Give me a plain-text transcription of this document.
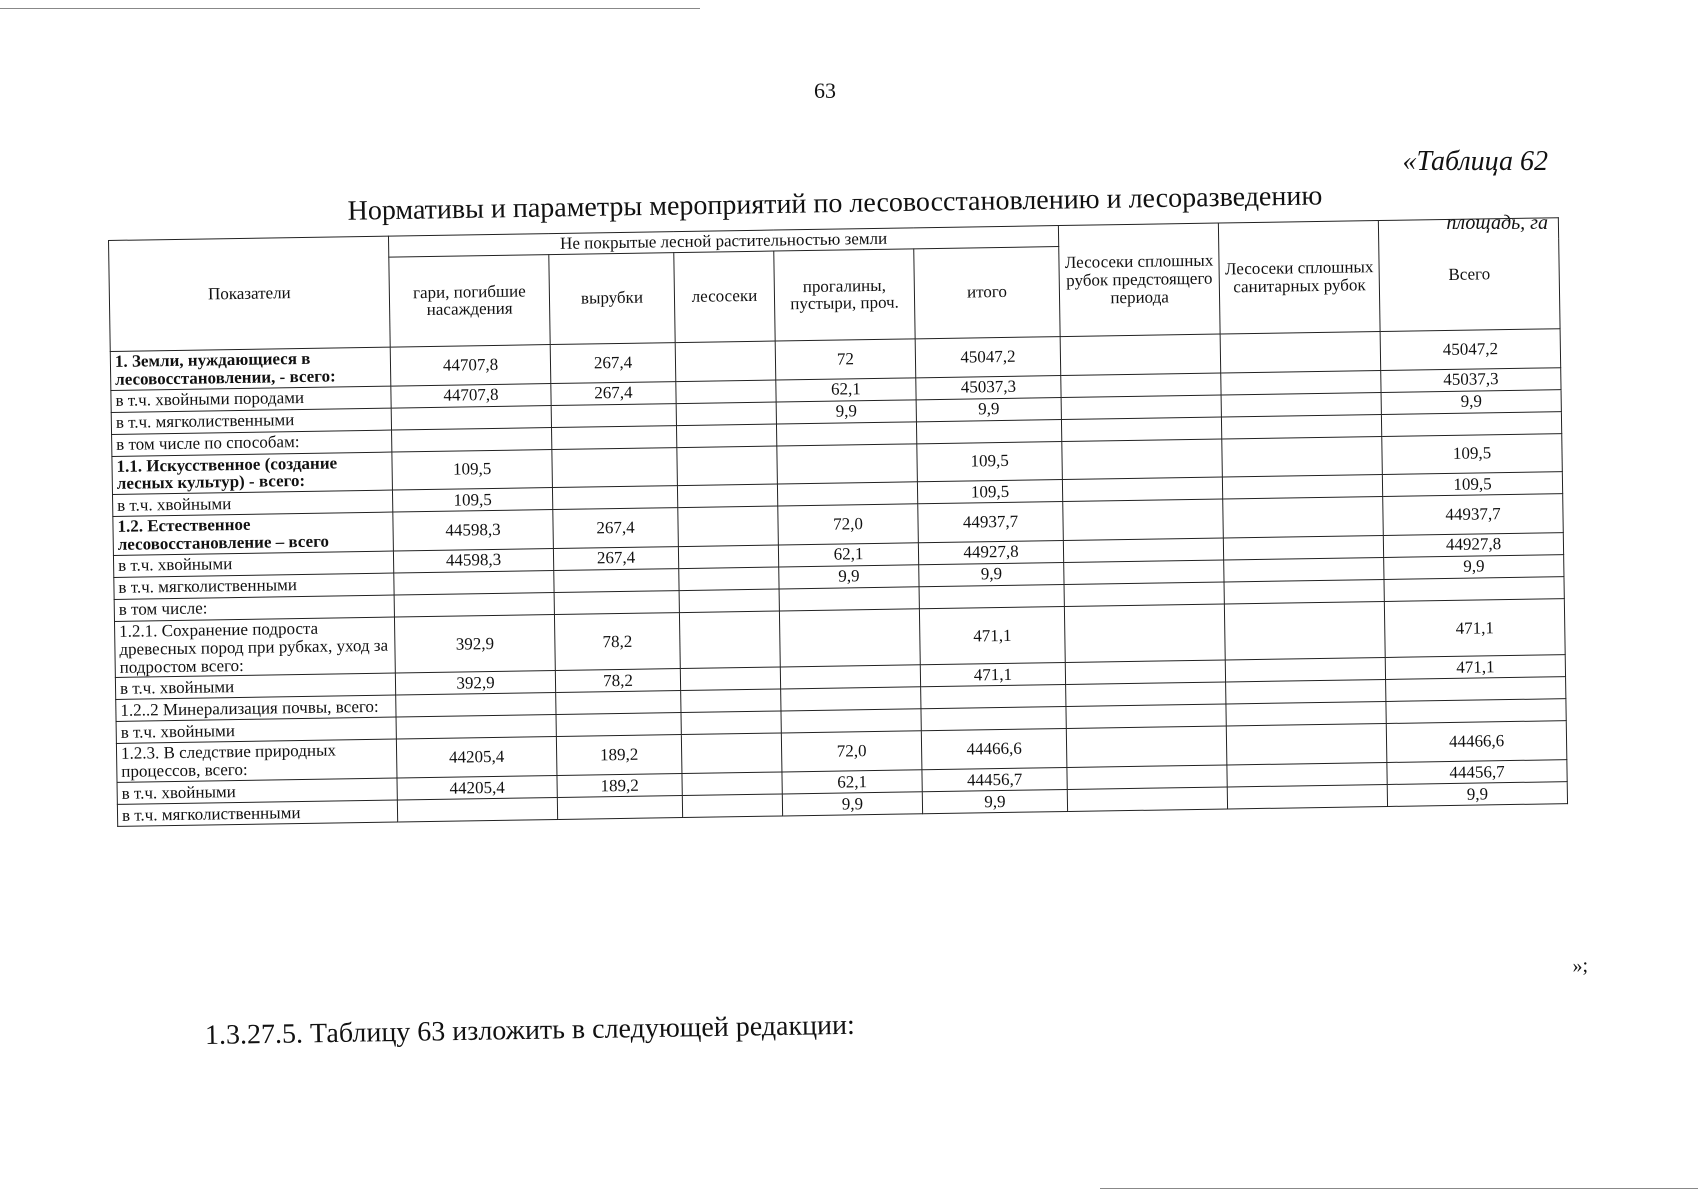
63
«Таблица 62
Нормативы и параметры мероприятий по лесовосстановлению и лесоразведению	площадь, га
Показатели	Не покрытые лесной растительностью земли					Лесосеки сплошных рубок предстоящего периода	Лесосеки сплошных санитарных рубок	Всего
	гари, погибшие насаждения	вырубки	лесосеки	прогалины, пустыри, проч.	итого			
1. Земли, нуждающиеся в лесовосстановлении, - всего:	44707,8	267,4		72	45047,2			45047,2
в т.ч. хвойными породами	44707,8	267,4		62,1	45037,3			45037,3
в т.ч. мягколиственными				9,9	9,9			9,9
в том числе по способам:								
1.1. Искусственное (создание лесных культур) - всего:	109,5				109,5			109,5
в т.ч. хвойными	109,5				109,5			109,5
1.2. Естественное лесовосстановление – всего	44598,3	267,4		72,0	44937,7			44937,7
в т.ч. хвойными	44598,3	267,4		62,1	44927,8			44927,8
в т.ч. мягколиственными				9,9	9,9			9,9
в том числе:								
1.2.1. Сохранение подроста древесных пород при рубках, уход за подростом всего:	392,9	78,2			471,1			471,1
в т.ч. хвойными	392,9	78,2			471,1			471,1
1.2..2 Минерализация почвы, всего:								
в т.ч. хвойными								
1.2.3. В следствие природных процессов, всего:	44205,4	189,2		72,0	44466,6			44466,6
в т.ч. хвойными	44205,4	189,2		62,1	44456,7			44456,7
в т.ч. мягколиственными				9,9	9,9			9,9
»;
1.3.27.5. Таблицу 63 изложить в следующей редакции:
